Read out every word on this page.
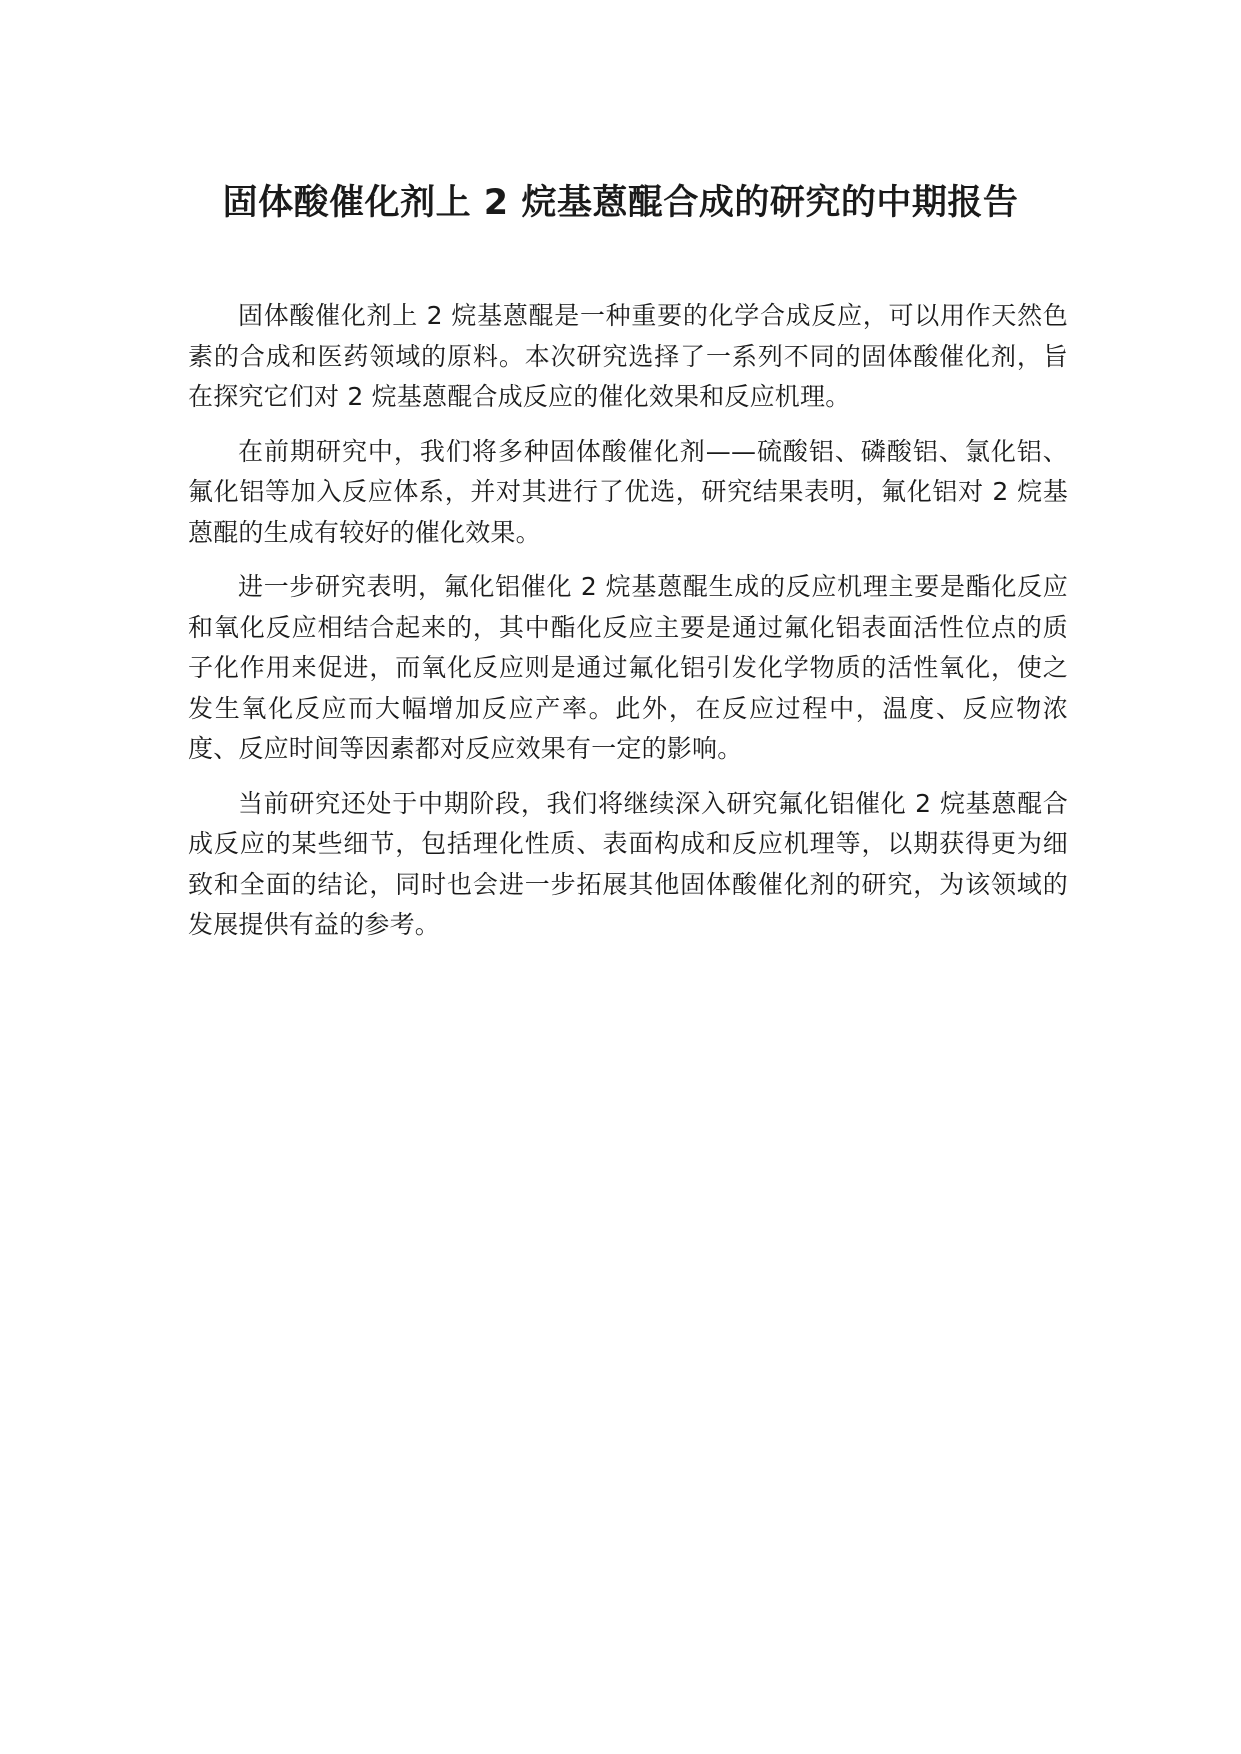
固体酸催化剂上 2 烷基蒽醌合成的研究的中期报告

固体酸催化剂上 2 烷基蒽醌是一种重要的化学合成反应，可以用作天然色素的合成和医药领域的原料。本次研究选择了一系列不同的固体酸催化剂，旨在探究它们对 2 烷基蒽醌合成反应的催化效果和反应机理。

在前期研究中，我们将多种固体酸催化剂——硫酸铝、磷酸铝、氯化铝、氟化铝等加入反应体系，并对其进行了优选，研究结果表明，氟化铝对 2 烷基蒽醌的生成有较好的催化效果。

进一步研究表明，氟化铝催化 2 烷基蒽醌生成的反应机理主要是酯化反应和氧化反应相结合起来的，其中酯化反应主要是通过氟化铝表面活性位点的质子化作用来促进，而氧化反应则是通过氟化铝引发化学物质的活性氧化，使之发生氧化反应而大幅增加反应产率。此外，在反应过程中，温度、反应物浓度、反应时间等因素都对反应效果有一定的影响。

当前研究还处于中期阶段，我们将继续深入研究氟化铝催化 2 烷基蒽醌合成反应的某些细节，包括理化性质、表面构成和反应机理等，以期获得更为细致和全面的结论，同时也会进一步拓展其他固体酸催化剂的研究，为该领域的发展提供有益的参考。
